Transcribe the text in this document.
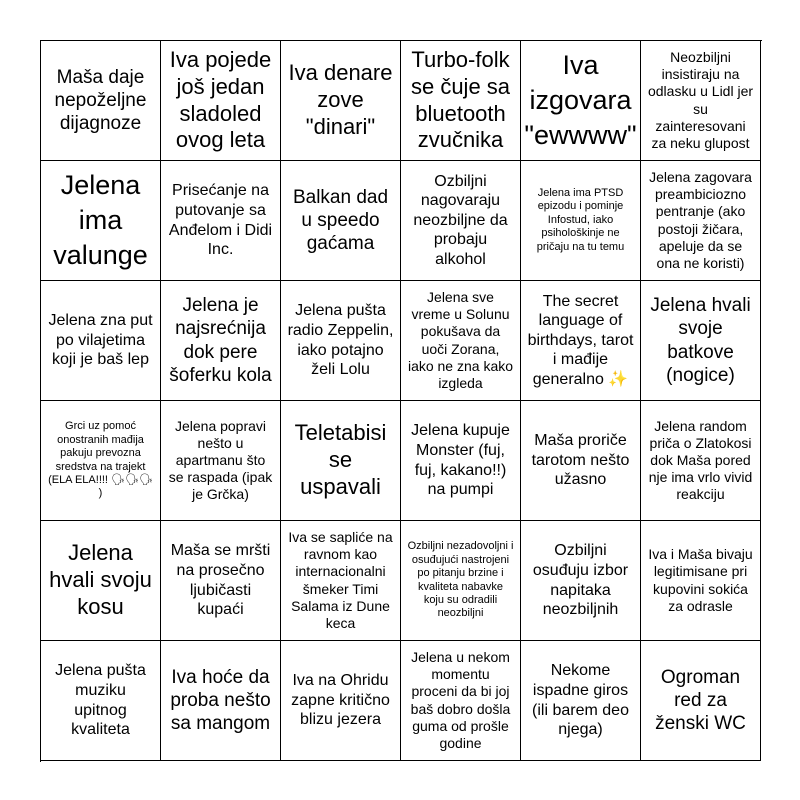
Maša daje nepoželjne dijagnoze
Iva pojede još jedan sladoled ovog leta
Iva denare zove "dinari"
Turbo-folk se čuje sa bluetooth zvučnika
Iva izgovara "ewwww"
Neozbiljni insistiraju na odlasku u Lidl jer su zainteresovani za neku glupost
Jelena ima valunge
Prisećanje na putovanje sa Anđelom i Didi Inc.
Balkan dad u speedo gaćama
Ozbiljni nagovaraju neozbiljne da probaju alkohol
Jelena ima PTSD epizodu i pominje Infostud, iako psihološkinje ne pričaju na tu temu
Jelena zagovara preambiciozno pentranje (ako postoji žičara, apeluje da se ona ne koristi)
Jelena zna put po vilajetima koji je baš lep
Jelena je najsrećnija dok pere šoferku kola
Jelena pušta radio Zeppelin, iako potajno želi Lolu
Jelena sve vreme u Solunu pokušava da uoči Zorana, iako ne zna kako izgleda
The secret language of birthdays, tarot i mađije generalno ✨
Jelena hvali svoje batkove (nogice)
Grci uz pomoć onostranih mađija pakuju prevozna sredstva na trajekt (ELA ELA!!!! 🗣🗣🗣 )
Jelena popravi nešto u apartmanu što se raspada (ipak je Grčka)
Teletabisi se uspavali
Jelena kupuje Monster (fuj, fuj, kakano!!) na pumpi
Maša proriče tarotom nešto užasno
Jelena random priča o Zlatokosi dok Maša pored nje ima vrlo vivid reakciju
Jelena hvali svoju kosu
Maša se mršti na prosečno ljubičasti kupaći
Iva se saplіće na ravnom kao internacionalni šmeker Timi Salama iz Dune keca
Ozbiljni nezadovoljni i osuđujući nastrojeni po pitanju brzine i kvaliteta nabavke koju su odradili neozbiljni
Ozbiljni osuđuju izbor napitaka neozbiljnih
Iva i Maša bivaju legitimisane pri kupovini sokića za odrasle
Jelena pušta muziku upitnog kvaliteta
Iva hoće da proba nešto sa mangom
Iva na Ohridu zapne kritično blizu jezera
Jelena u nekom momentu proceni da bi joj baš dobro došla guma od prošle godine
Nekome ispadne giros (ili barem deo njega)
Ogroman red za ženski WC
